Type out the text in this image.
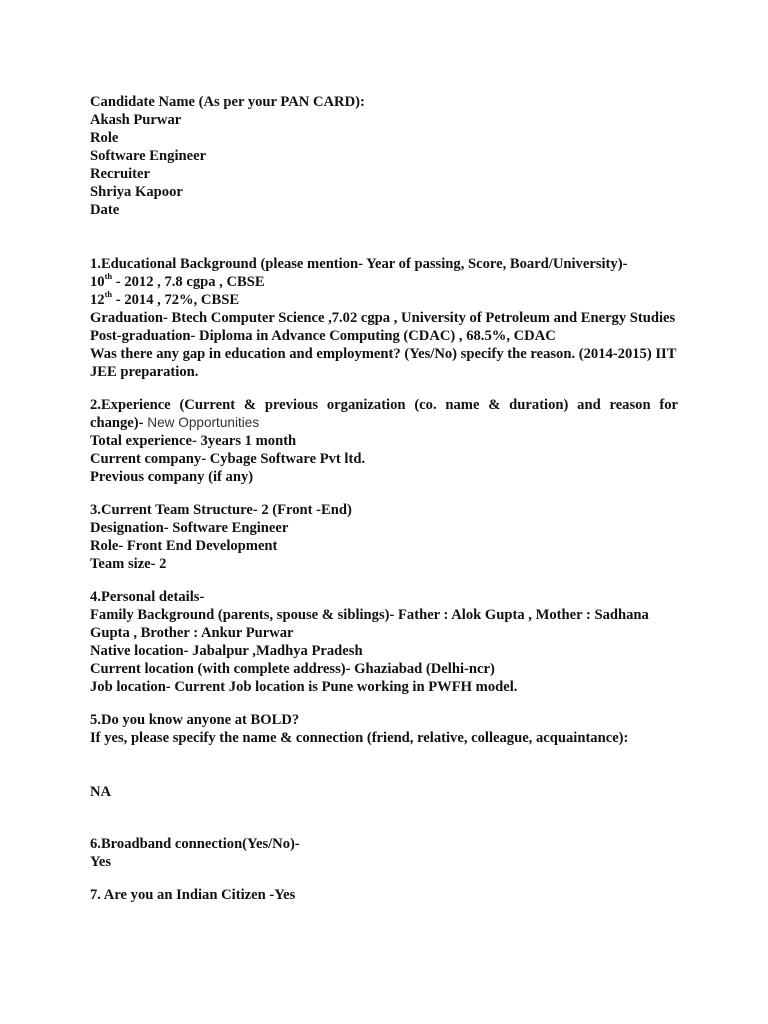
Candidate Name (As per your PAN CARD):
Akash Purwar
Role
Software Engineer
Recruiter
Shriya Kapoor
Date
1.Educational Background (please mention- Year of passing, Score, Board/University)-
10th - 2012 , 7.8 cgpa , CBSE
12th - 2014 , 72%, CBSE
Graduation- Btech Computer Science ,7.02 cgpa , University of Petroleum and Energy Studies
Post-graduation- Diploma in Advance Computing (CDAC) , 68.5%, CDAC
Was there any gap in education and employment? (Yes/No) specify the reason. (2014-2015) IIT JEE preparation.
2.Experience (Current & previous organization (co. name & duration) and reason for change)- New Opportunities
Total experience- 3years 1 month
Current company- Cybage Software Pvt ltd.
Previous company (if any)
3.Current Team Structure- 2 (Front -End)
Designation- Software Engineer
Role- Front End Development
Team size- 2
4.Personal details-
Family Background (parents, spouse & siblings)- Father : Alok Gupta , Mother : Sadhana Gupta , Brother : Ankur Purwar
Native location- Jabalpur ,Madhya Pradesh
Current location (with complete address)- Ghaziabad (Delhi-ncr)
Job location- Current Job location is Pune working in PWFH model.
5.Do you know anyone at BOLD?
If yes, please specify the name & connection (friend, relative, colleague, acquaintance):
NA
6.Broadband connection(Yes/No)-
Yes
7. Are you an Indian Citizen -Yes
